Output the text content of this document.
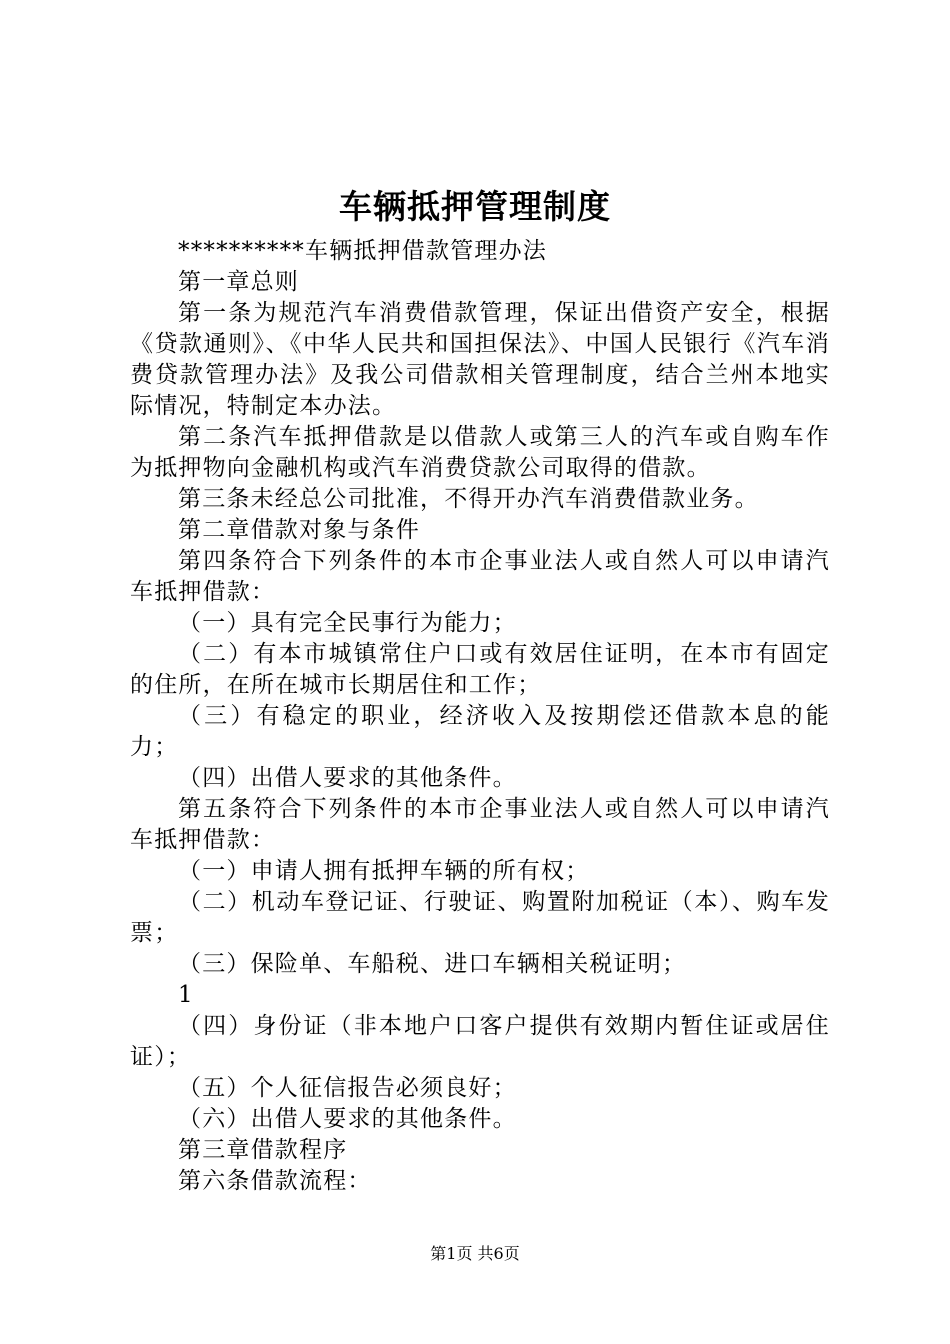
车辆抵押管理制度

**********车辆抵押借款管理办法

第一章总则

第一条为规范汽车消费借款管理，保证出借资产安全，根据《贷款通则》、《中华人民共和国担保法》、中国人民银行《汽车消费贷款管理办法》及我公司借款相关管理制度，结合兰州本地实际情况，特制定本办法。

第二条汽车抵押借款是以借款人或第三人的汽车或自购车作为抵押物向金融机构或汽车消费贷款公司取得的借款。

第三条未经总公司批准，不得开办汽车消费借款业务。

第二章借款对象与条件

第四条符合下列条件的本市企事业法人或自然人可以申请汽车抵押借款：

（一）具有完全民事行为能力；

（二）有本市城镇常住户口或有效居住证明，在本市有固定的住所，在所在城市长期居住和工作；

（三）有稳定的职业，经济收入及按期偿还借款本息的能力；

（四）出借人要求的其他条件。

第五条符合下列条件的本市企事业法人或自然人可以申请汽车抵押借款：

（一）申请人拥有抵押车辆的所有权；

（二）机动车登记证、行驶证、购置附加税证（本）、购车发票；

（三）保险单、车船税、进口车辆相关税证明；

1

（四）身份证（非本地户口客户提供有效期内暂住证或居住证）；

（五）个人征信报告必须良好；

（六）出借人要求的其他条件。

第三章借款程序

第六条借款流程：

第1页 共6页
